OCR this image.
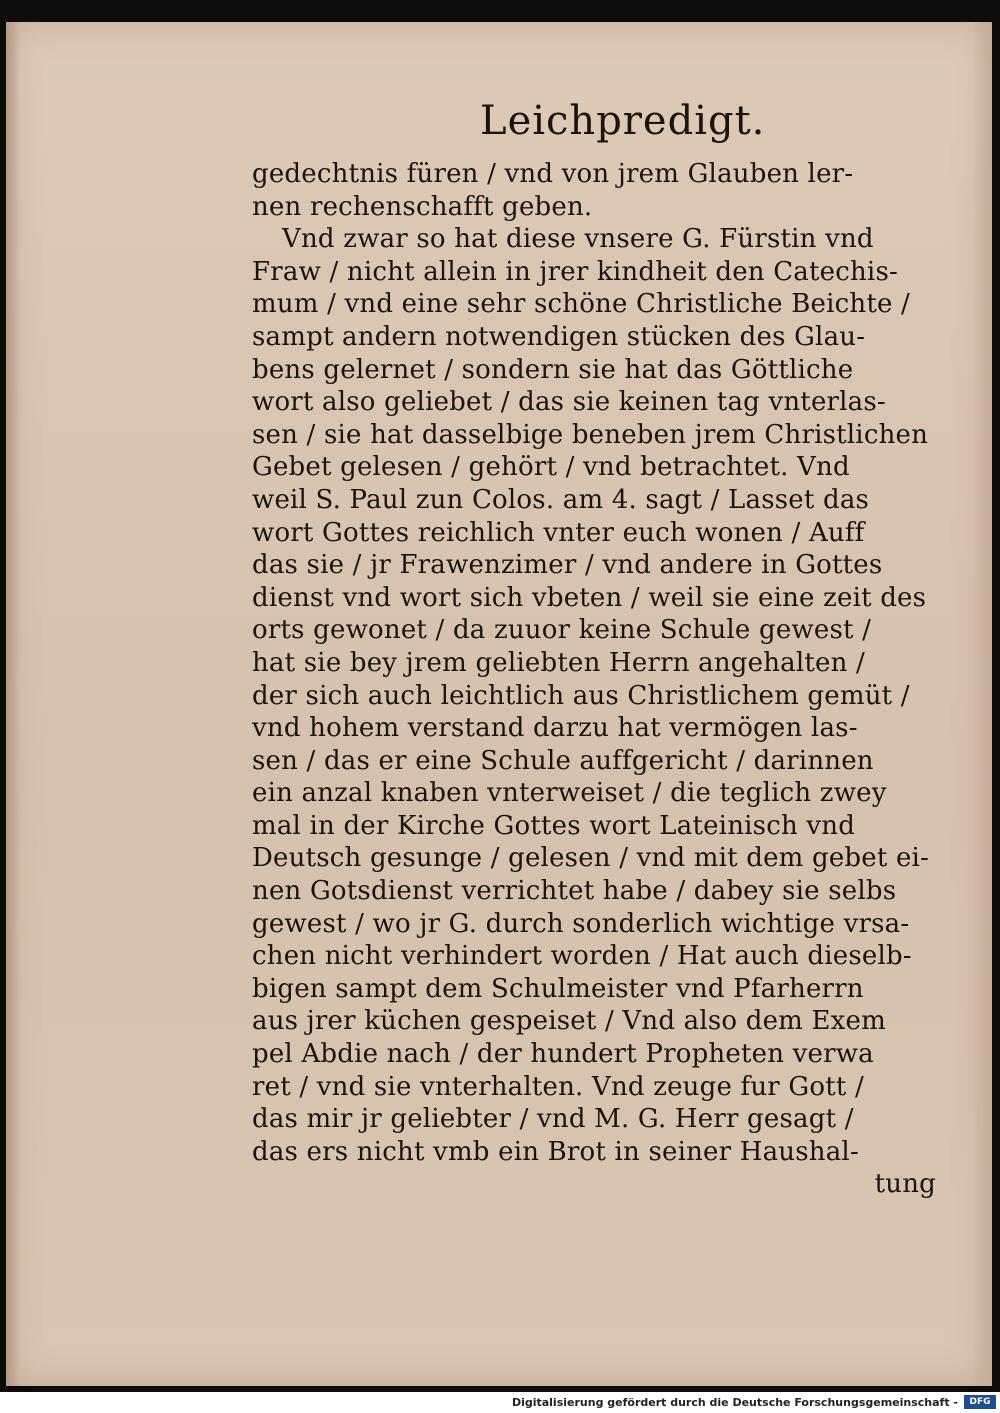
Leichpredigt.
gedechtnis füren / vnd von jrem Glauben ler-
nen rechenschafft geben.
Vnd zwar so hat diese vnsere G. Fürstin vnd
Fraw / nicht allein in jrer kindheit den Catechis-
mum / vnd eine sehr schöne Christliche Beichte /
sampt andern notwendigen stücken des Glau-
bens gelernet / sondern sie hat das Göttliche
wort also geliebet / das sie keinen tag vnterlas-
sen / sie hat dasselbige beneben jrem Christlichen
Gebet gelesen / gehört / vnd betrachtet. Vnd
weil S. Paul zun Colos. am 4. sagt / Lasset das
wort Gottes reichlich vnter euch wonen / Auff
das sie / jr Frawenzimer / vnd andere in Gottes
dienst vnd wort sich vbeten / weil sie eine zeit des
orts gewonet / da zuuor keine Schule gewest /
hat sie bey jrem geliebten Herrn angehalten /
der sich auch leichtlich aus Christlichem gemüt /
vnd hohem verstand darzu hat vermögen las-
sen / das er eine Schule auffgericht / darinnen
ein anzal knaben vnterweiset / die teglich zwey
mal in der Kirche Gottes wort Lateinisch vnd
Deutsch gesunge / gelesen / vnd mit dem gebet ei-
nen Gotsdienst verrichtet habe / dabey sie selbs
gewest / wo jr G. durch sonderlich wichtige vrsa-
chen nicht verhindert worden / Hat auch dieselb-
bigen sampt dem Schulmeister vnd Pfarherrn
aus jrer küchen gespeiset / Vnd also dem Exem
pel Abdie nach / der hundert Propheten verwa
ret / vnd sie vnterhalten. Vnd zeuge fur Gott /
das mir jr geliebter / vnd M. G. Herr gesagt /
das ers nicht vmb ein Brot in seiner Haushal-
tung
Digitalisierung gefördert durch die Deutsche Forschungsgemeinschaft -	DFG
